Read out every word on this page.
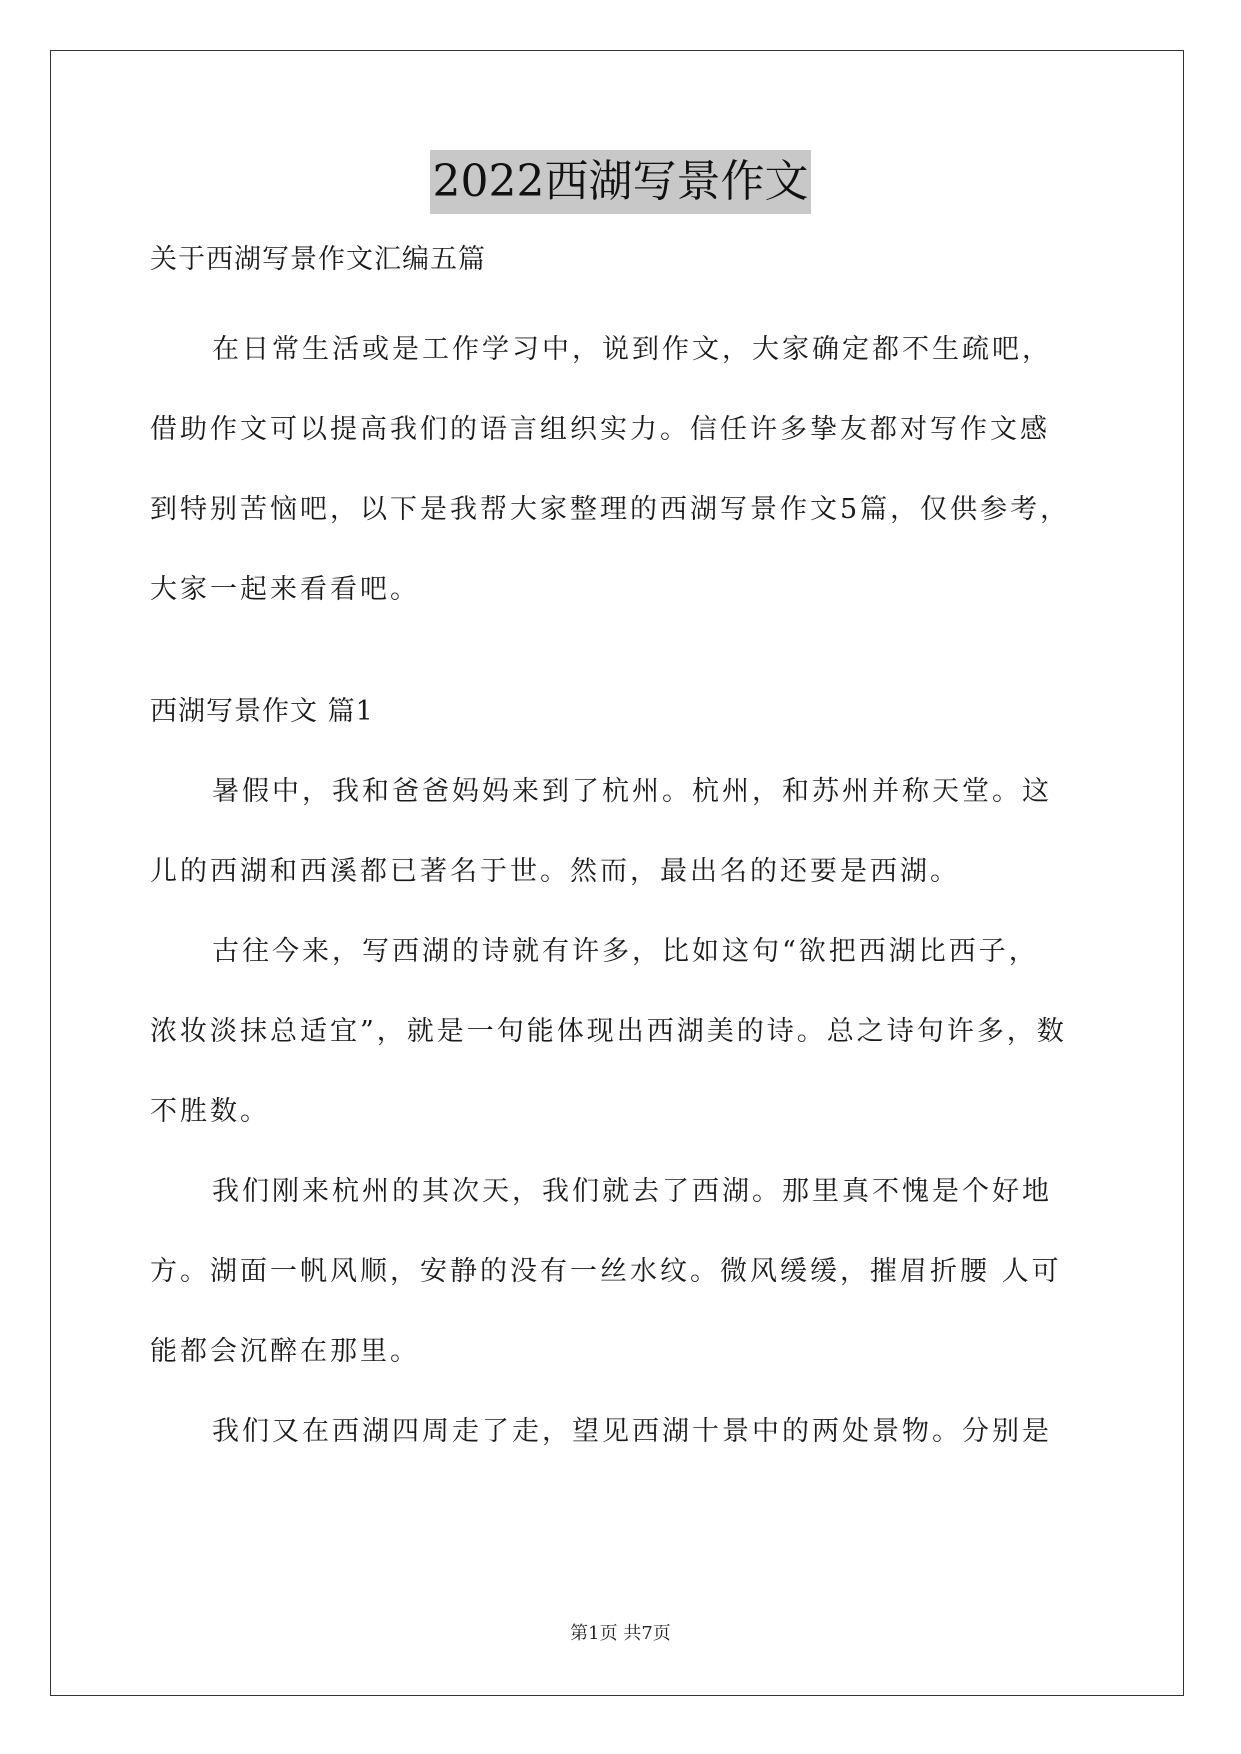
2022西湖写景作文
关于西湖写景作文汇编五篇
在日常生活或是工作学习中，说到作文，大家确定都不生疏吧，
借助作文可以提高我们的语言组织实力。信任许多挚友都对写作文感
到特别苦恼吧，以下是我帮大家整理的西湖写景作文5篇，仅供参考，
大家一起来看看吧。
西湖写景作文 篇1
暑假中，我和爸爸妈妈来到了杭州。杭州，和苏州并称天堂。这
儿的西湖和西溪都已著名于世。然而，最出名的还要是西湖。
古往今来，写西湖的诗就有许多，比如这句“欲把西湖比西子，
浓妆淡抹总适宜”，就是一句能体现出西湖美的诗。总之诗句许多，数
不胜数。
我们刚来杭州的其次天，我们就去了西湖。那里真不愧是个好地
方。湖面一帆风顺，安静的没有一丝水纹。微风缓缓，摧眉折腰 人可
能都会沉醉在那里。
我们又在西湖四周走了走，望见西湖十景中的两处景物。分别是
第1页 共7页
